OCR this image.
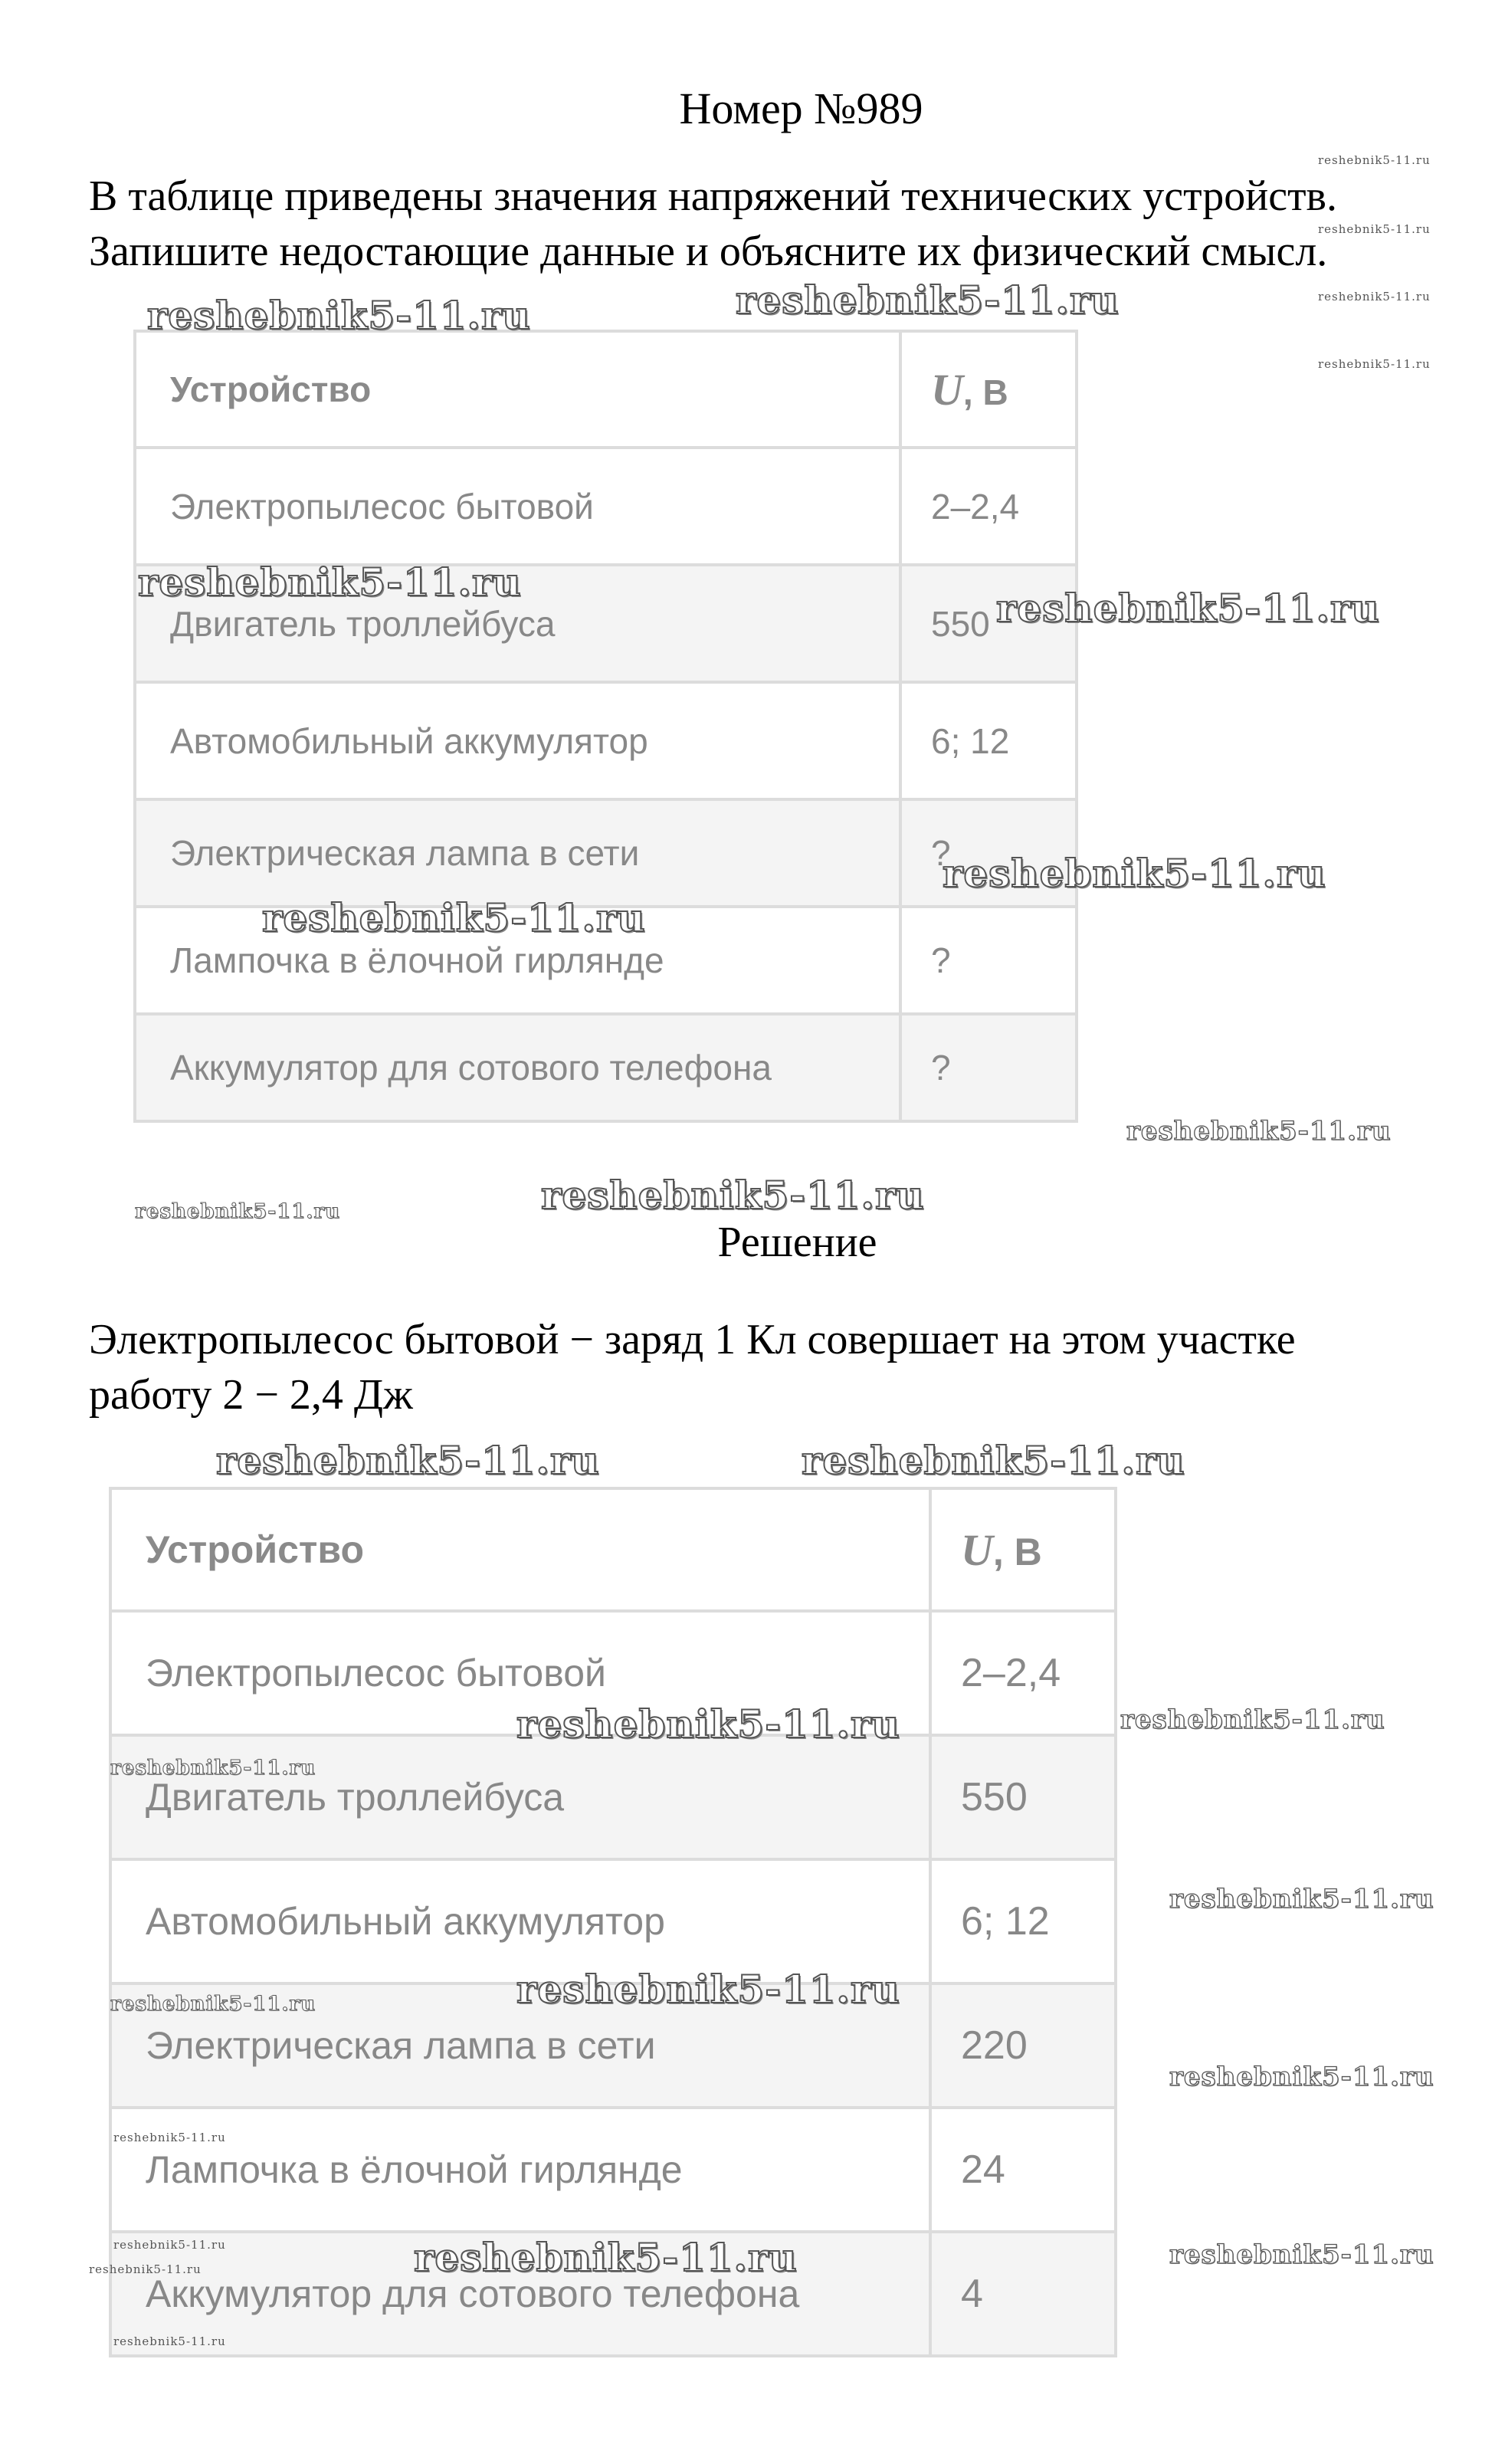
Номер №989
В таблице приведены значения напряжений технических устройств.
Запишите недостающие данные и объясните их физический смысл.
Устройство	U, В
Электропылесос бытовой	2–2,4
Двигатель троллейбуса	550
Автомобильный аккумулятор	6; 12
Электрическая лампа в сети	?
Лампочка в ёлочной гирлянде	?
Аккумулятор для сотового телефона	?
Решение
Электропылесос бытовой − заряд 1 Кл совершает на этом участке
работу 2 − 2,4 Дж
Устройство	U, В
Электропылесос бытовой	2–2,4
Двигатель троллейбуса	550
Автомобильный аккумулятор	6; 12
Электрическая лампа в сети	220
Лампочка в ёлочной гирлянде	24
Аккумулятор для сотового телефона	4
reshebnik5-11.ru
reshebnik5-11.ru
reshebnik5-11.ru
reshebnik5-11.ru
reshebnik5-11.ru	reshebnik5-11.ru
reshebnik5-11.ru
reshebnik5-11.ru
reshebnik5-11.ru
reshebnik5-11.ru
reshebnik5-11.ru
reshebnik5-11.ru	reshebnik5-11.ru
reshebnik5-11.ru	reshebnik5-11.ru
reshebnik5-11.ru	reshebnik5-11.ru
reshebnik5-11.ru
reshebnik5-11.ru
reshebnik5-11.ru
reshebnik5-11.ru
reshebnik5-11.ru
reshebnik5-11.ru
reshebnik5-11.ru	reshebnik5-11.ru	reshebnik5-11.ru
reshebnik5-11.ru
reshebnik5-11.ru
